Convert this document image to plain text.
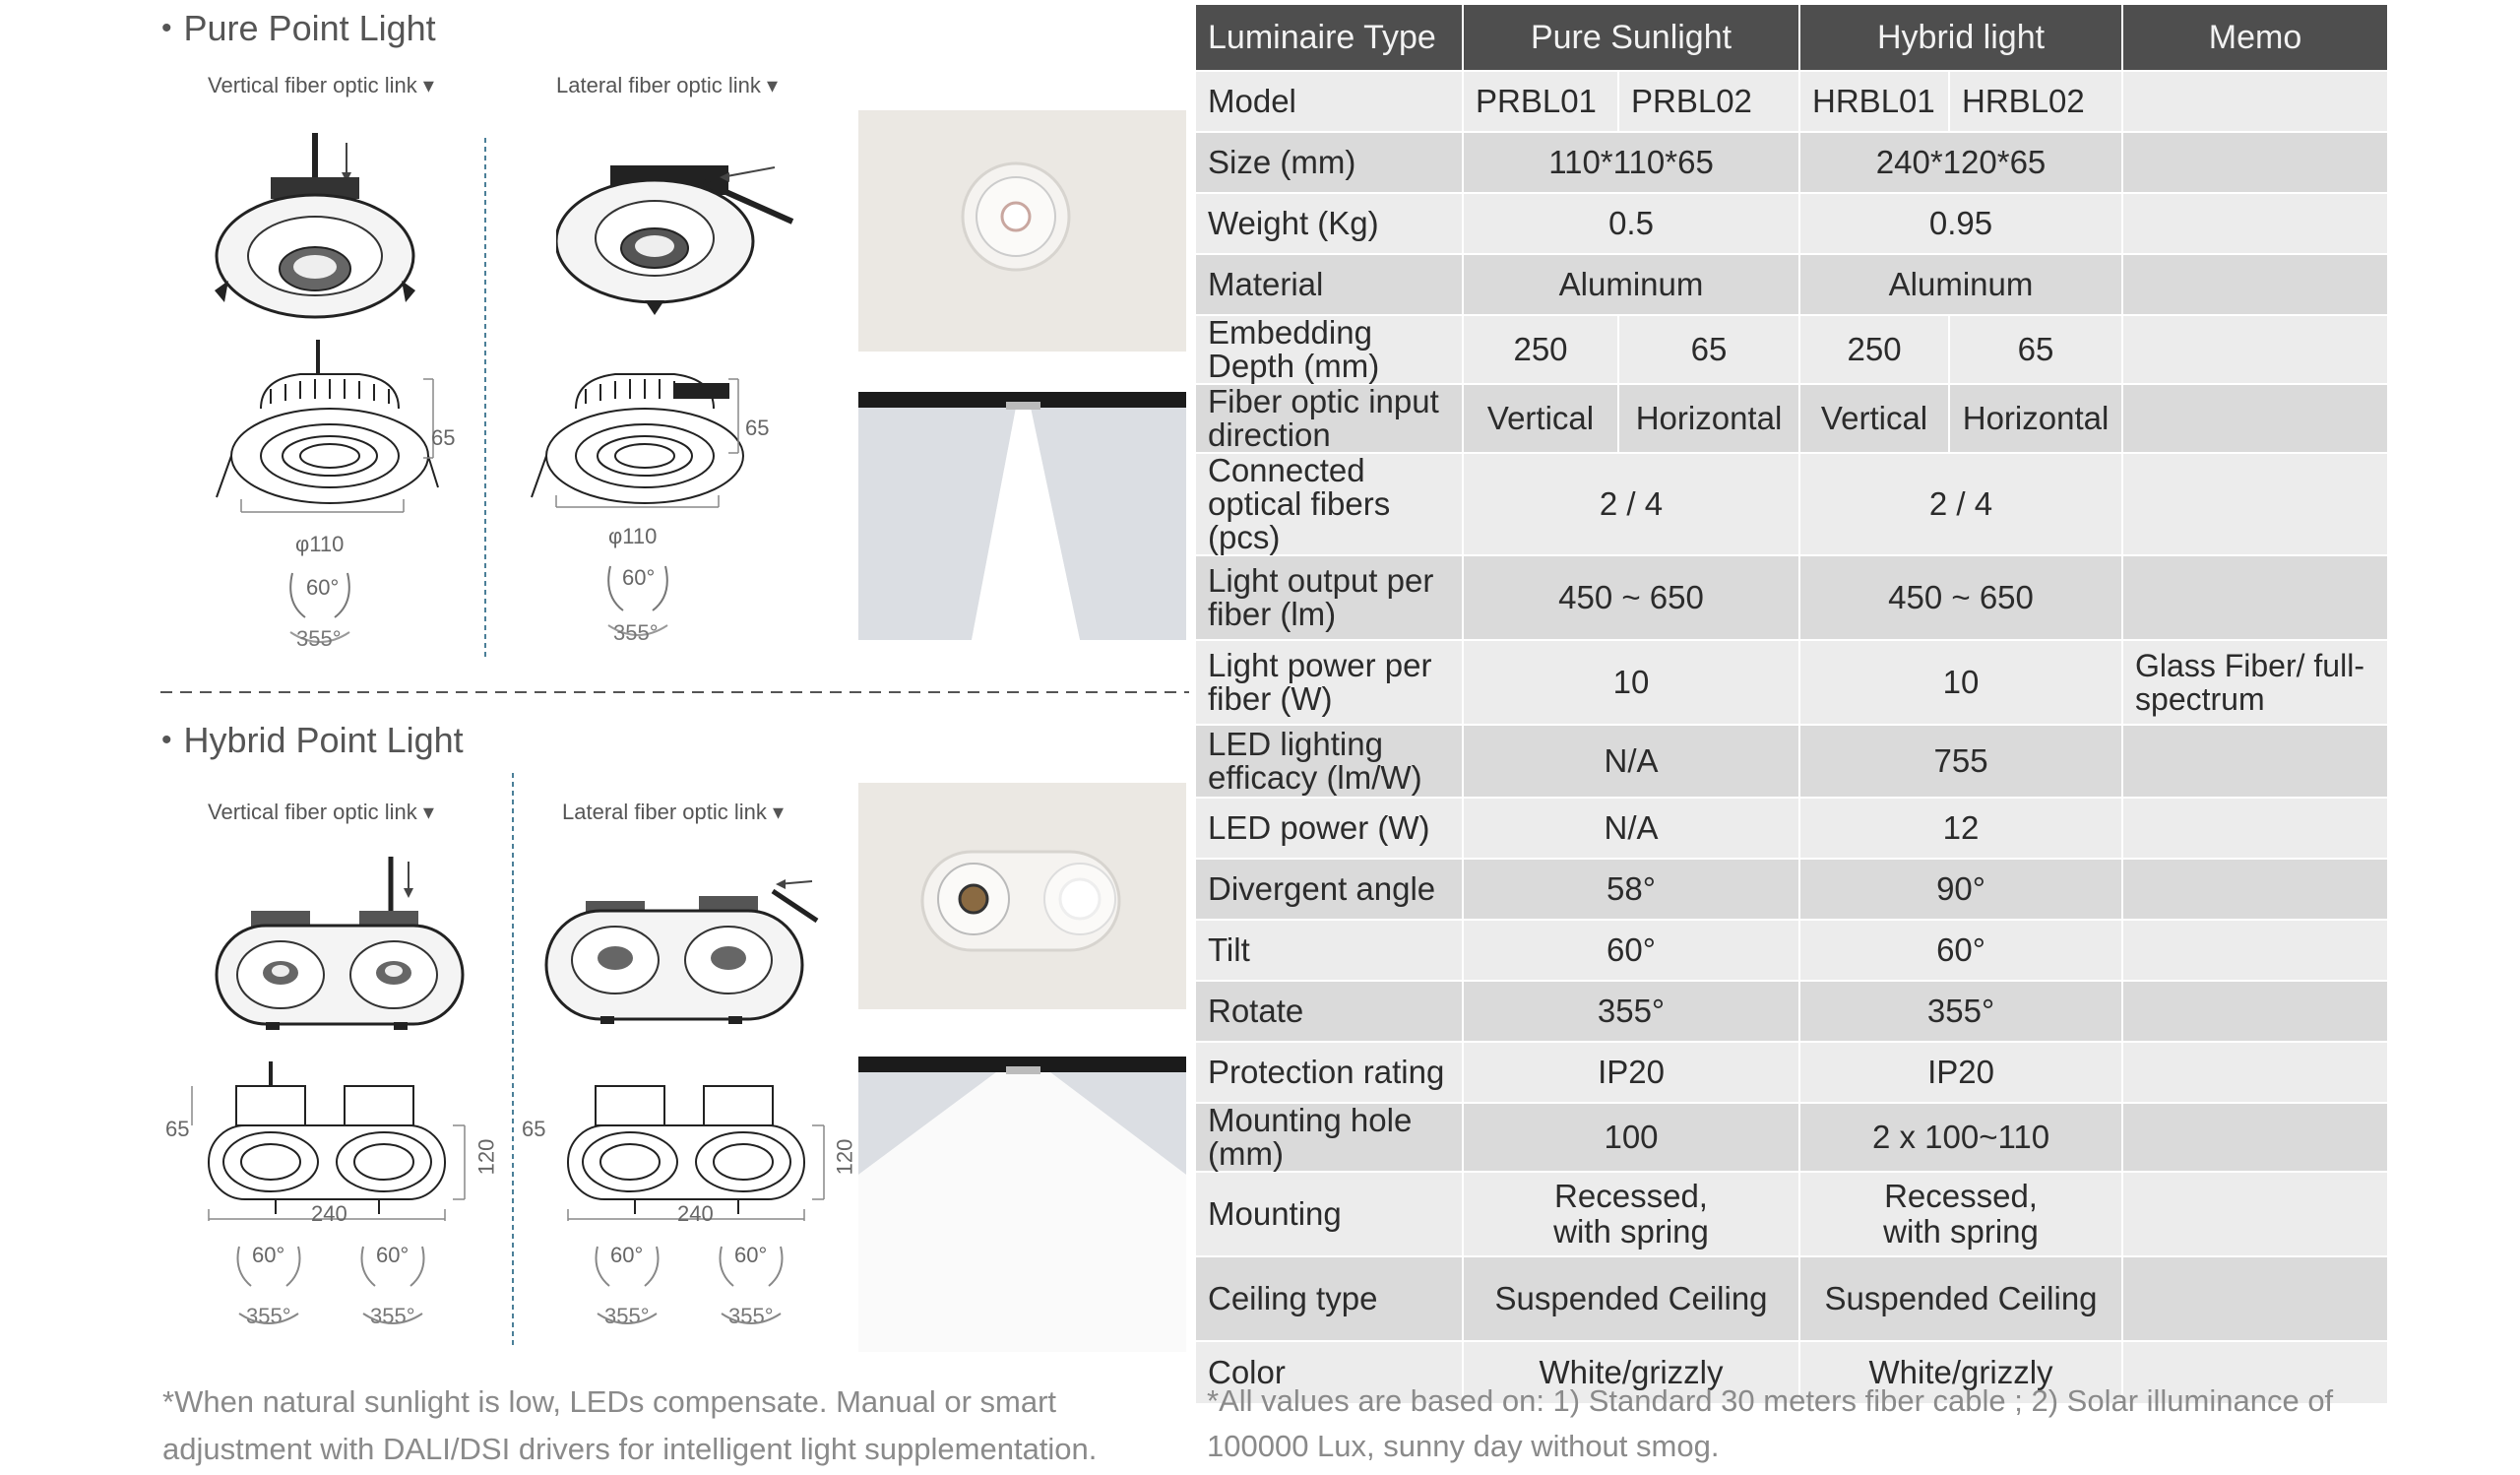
• Pure Point Light
Vertical fiber optic link ▾	Lateral fiber optic link ▾
65
φ110
65
φ110
60°
355°
60°
355°
• Hybrid Point Light
Vertical fiber optic link ▾	Lateral fiber optic link ▾
65
120
240
65
120
240
60°	60°	60°	60°
355°	355°	355°	355°
*When natural sunlight is low, LEDs compensate. Manual or smart adjustment with DALI/DSI drivers for intelligent light supplementation.
Luminaire Type	Pure Sunlight		Hybrid light		Memo
Model	PRBL01	PRBL02	HRBL01	HRBL02	
Size (mm)	110*110*65		240*120*65		
Weight (Kg)	0.5		0.95		
Material	Aluminum		Aluminum		
Embedding Depth (mm)	250	65	250	65	
Fiber optic input direction	Vertical	Horizontal	Vertical	Horizontal	
Connected optical fibers (pcs)	2 / 4		2 / 4		
Light output per fiber (lm)	450 ~ 650		450 ~ 650		
Light power per fiber (W)	10		10		Glass Fiber/ full-spectrum
LED lighting efficacy (lm/W)	N/A		755		
LED power (W)	N/A		12		
Divergent angle	58°		90°		
Tilt	60°		60°		
Rotate	355°		355°		
Protection rating	IP20		IP20		
Mounting hole (mm)	100		2 x 100~110		
Mounting	Recessed, with spring		Recessed, with spring		
Ceiling type	Suspended Ceiling		Suspended Ceiling		
Color	White/grizzly		White/grizzly		
*All values are based on: 1) Standard 30 meters fiber cable ; 2) Solar illuminance of 100000 Lux, sunny day without smog.
